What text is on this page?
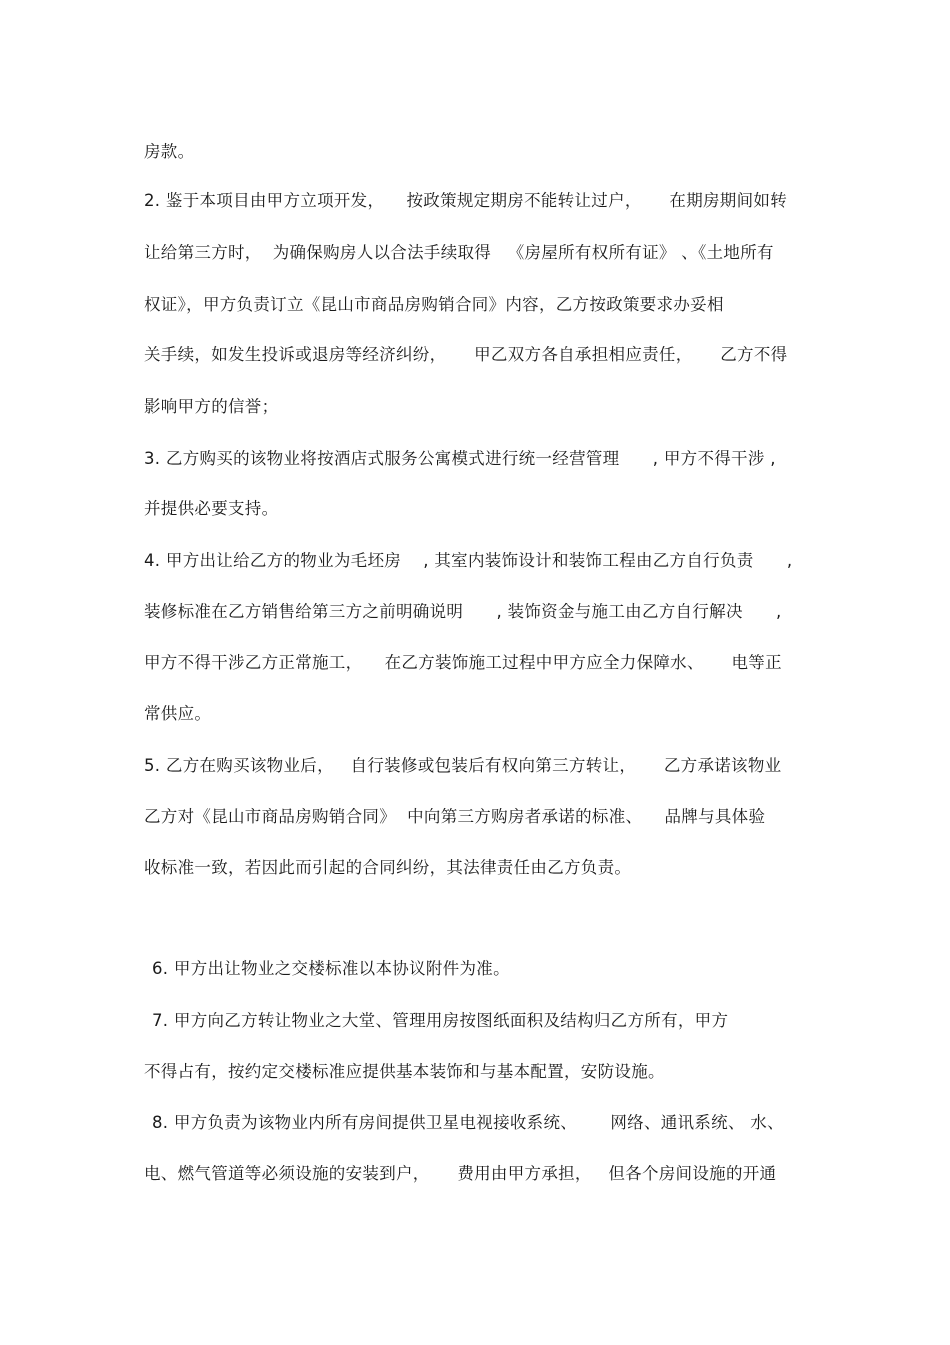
房款。
2. 鉴于本项目由甲方立项开发，    按政策规定期房不能转让过户，     在期房期间如转
让给第三方时，  为确保购房人以合法手续取得   《房屋所有权所有证》 、《土地所有
权证》，甲方负责订立《昆山市商品房购销合同》内容，乙方按政策要求办妥相
关手续，如发生投诉或退房等经济纠纷，     甲乙双方各自承担相应责任，     乙方不得
影响甲方的信誉；
3. 乙方购买的该物业将按酒店式服务公寓模式进行统一经营管理      , 甲方不得干涉 ,
并提供必要支持。
4. 甲方出让给乙方的物业为毛坯房    , 其室内装饰设计和装饰工程由乙方自行负责      ,
装修标准在乙方销售给第三方之前明确说明      , 装饰资金与施工由乙方自行解决      ,
甲方不得干涉乙方正常施工，    在乙方装饰施工过程中甲方应全力保障水、     电等正
常供应。
5. 乙方在购买该物业后，   自行装修或包装后有权向第三方转让，     乙方承诺该物业
乙方对《昆山市商品房购销合同》  中向第三方购房者承诺的标准、    品牌与具体验
收标准一致，若因此而引起的合同纠纷，其法律责任由乙方负责。
6. 甲方出让物业之交楼标准以本协议附件为准。
7. 甲方向乙方转让物业之大堂、管理用房按图纸面积及结构归乙方所有，甲方
不得占有，按约定交楼标准应提供基本装饰和与基本配置，安防设施。
8. 甲方负责为该物业内所有房间提供卫星电视接收系统、      网络、通讯系统、 水、
电、燃气管道等必须设施的安装到户，     费用由甲方承担，   但各个房间设施的开通
